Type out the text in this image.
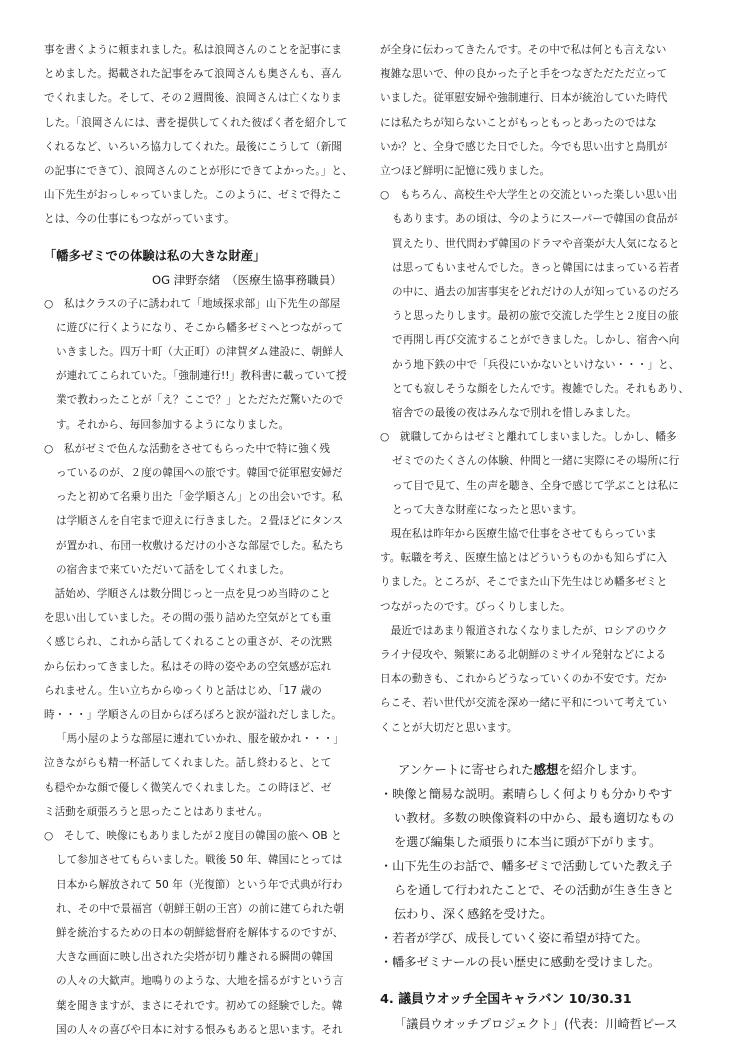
事を書くように頼まれました。私は浪岡さんのことを記事にま
とめました。掲載された記事をみて浪岡さんも奥さんも、喜ん
でくれました。そして、その２週間後、浪岡さんは亡くなりま
した。「浪岡さんには、書を提供してくれた彼ぱく者を紹介して
くれるなど、いろいろ協力してくれた。最後にこうして（新聞
の記事にできて）、浪岡さんのことが形にできてよかった。」と、
山下先生がおっしゃっていました。このように、ゼミで得たこ
とは、今の仕事にもつながっています。
「幡多ゼミでの体験は私の大きな財産」
OG 津野奈緒　（医療生協事務職員）
○　私はクラスの子に誘われて「地域探求部」山下先生の部屋
に遊びに行くようになり、そこから幡多ゼミへとつながって
いきました。四万十町（大正町）の津賀ダム建設に、朝鮮人
が連れてこられていた。「強制連行!!」教科書に載っていて授
業で教わったことが「え？ここで？」とただただ驚いたので
す。それから、毎回参加するようになりました。
○　私がゼミで色んな活動をさせてもらった中で特に強く残
っているのが、２度の韓国への旅です。韓国で従軍慰安婦だ
ったと初めて名乗り出た「金学順さん」との出会いです。私
は学順さんを自宅まで迎えに行きました。２畳ほどにタンス
が置かれ、布団一枚敷けるだけの小さな部屋でした。私たち
の宿舎まで来ていただいて話をしてくれました。
　話始め、学順さんは数分間じっと一点を見つめ当時のこと
を思い出していました。その間の張り詰めた空気がとても重
く感じられ、これから話してくれることの重さが、その沈黙
から伝わってきました。私はその時の姿やあの空気感が忘れ
られません。生い立ちからゆっくりと話はじめ、「17 歳の
時・・・」学順さんの目からぽろぽろと涙が溢れだしました。
「馬小屋のような部屋に連れていかれ、服を破かれ・・・」
泣きながらも精一杯話してくれました。話し終わると、とて
も穏やかな顔で優しく微笑んでくれました。この時ほど、ゼ
ミ活動を頑張ろうと思ったことはありません。
○　そして、映像にもありましたが２度目の韓国の旅へ OB と
して参加させてもらいました。戦後 50 年、韓国にとっては
日本から解放されて 50 年（光復節）という年で式典が行わ
れ、その中で景福宮（朝鮮王朝の王宮）の前に建てられた朝
鮮を統治するための日本の朝鮮総督府を解体するのですが、
大きな画面に映し出された尖塔が切り離される瞬間の韓国
の人々の大歓声。地鳴りのような、大地を揺るがすという言
葉を聞きますが、まさにそれです。初めての経験でした。韓
国の人々の喜びや日本に対する恨みもあると思います。それ
が全身に伝わってきたんです。その中で私は何とも言えない
複雑な思いで、仲の良かった子と手をつなぎただただ立って
いました。従軍慰安婦や強制連行、日本が統治していた時代
には私たちが知らないことがもっともっとあったのではな
いか？と、全身で感じた日でした。今でも思い出すと鳥肌が
立つほど鮮明に記憶に残りました。
○　もちろん、高校生や大学生との交流といった楽しい思い出
もあります。あの頃は、今のようにスーパーで韓国の食品が
買えたり、世代問わず韓国のドラマや音楽が大人気になると
は思ってもいませんでした。きっと韓国にはまっている若者
の中に、過去の加害事実をどれだけの人が知っているのだろ
うと思ったりします。最初の旅で交流した学生と２度目の旅
で再開し再び交流することができました。しかし、宿舎へ向
かう地下鉄の中で「兵役にいかないといけない・・・」と、
とても寂しそうな顔をしたんです。複雑でした。それもあり、
宿舎での最後の夜はみんなで別れを惜しみました。
○　就職してからはゼミと離れてしまいました。しかし、幡多
ゼミでのたくさんの体験、仲間と一緒に実際にその場所に行
って目で見て、生の声を聴き、全身で感じて学ぶことは私に
とって大きな財産になったと思います。
　現在私は昨年から医療生協で仕事をさせてもらっていま
す。転職を考え、医療生協とはどういうものかも知らずに入
りました。ところが、そこでまた山下先生はじめ幡多ゼミと
つながったのです。びっくりしました。
　最近ではあまり報道されなくなりましたが、ロシアのウク
ライナ侵攻や、頻繁にある北朝鮮のミサイル発射などによる
日本の動きも、これからどうなっていくのか不安です。だか
らこそ、若い世代が交流を深め一緒に平和について考えてい
くことが大切だと思います。
アンケートに寄せられた感想を紹介します。
・映像と簡易な説明。素晴らしく何よりも分かりやす
い教材。多数の映像資料の中から、最も適切なもの
を選び編集した頑張りに本当に頭が下がります。
・山下先生のお話で、幡多ゼミで活動していた教え子
らを通して行われたことで、その活動が生き生きと
伝わり、深く感銘を受けた。
・若者が学び、成長していく姿に希望が持てた。
・幡多ゼミナールの長い歴史に感動を受けました。
4. 議員ウオッチ全国キャラバン 10/30.31
「議員ウオッチプロジェクト」(代表：川崎哲ピース
